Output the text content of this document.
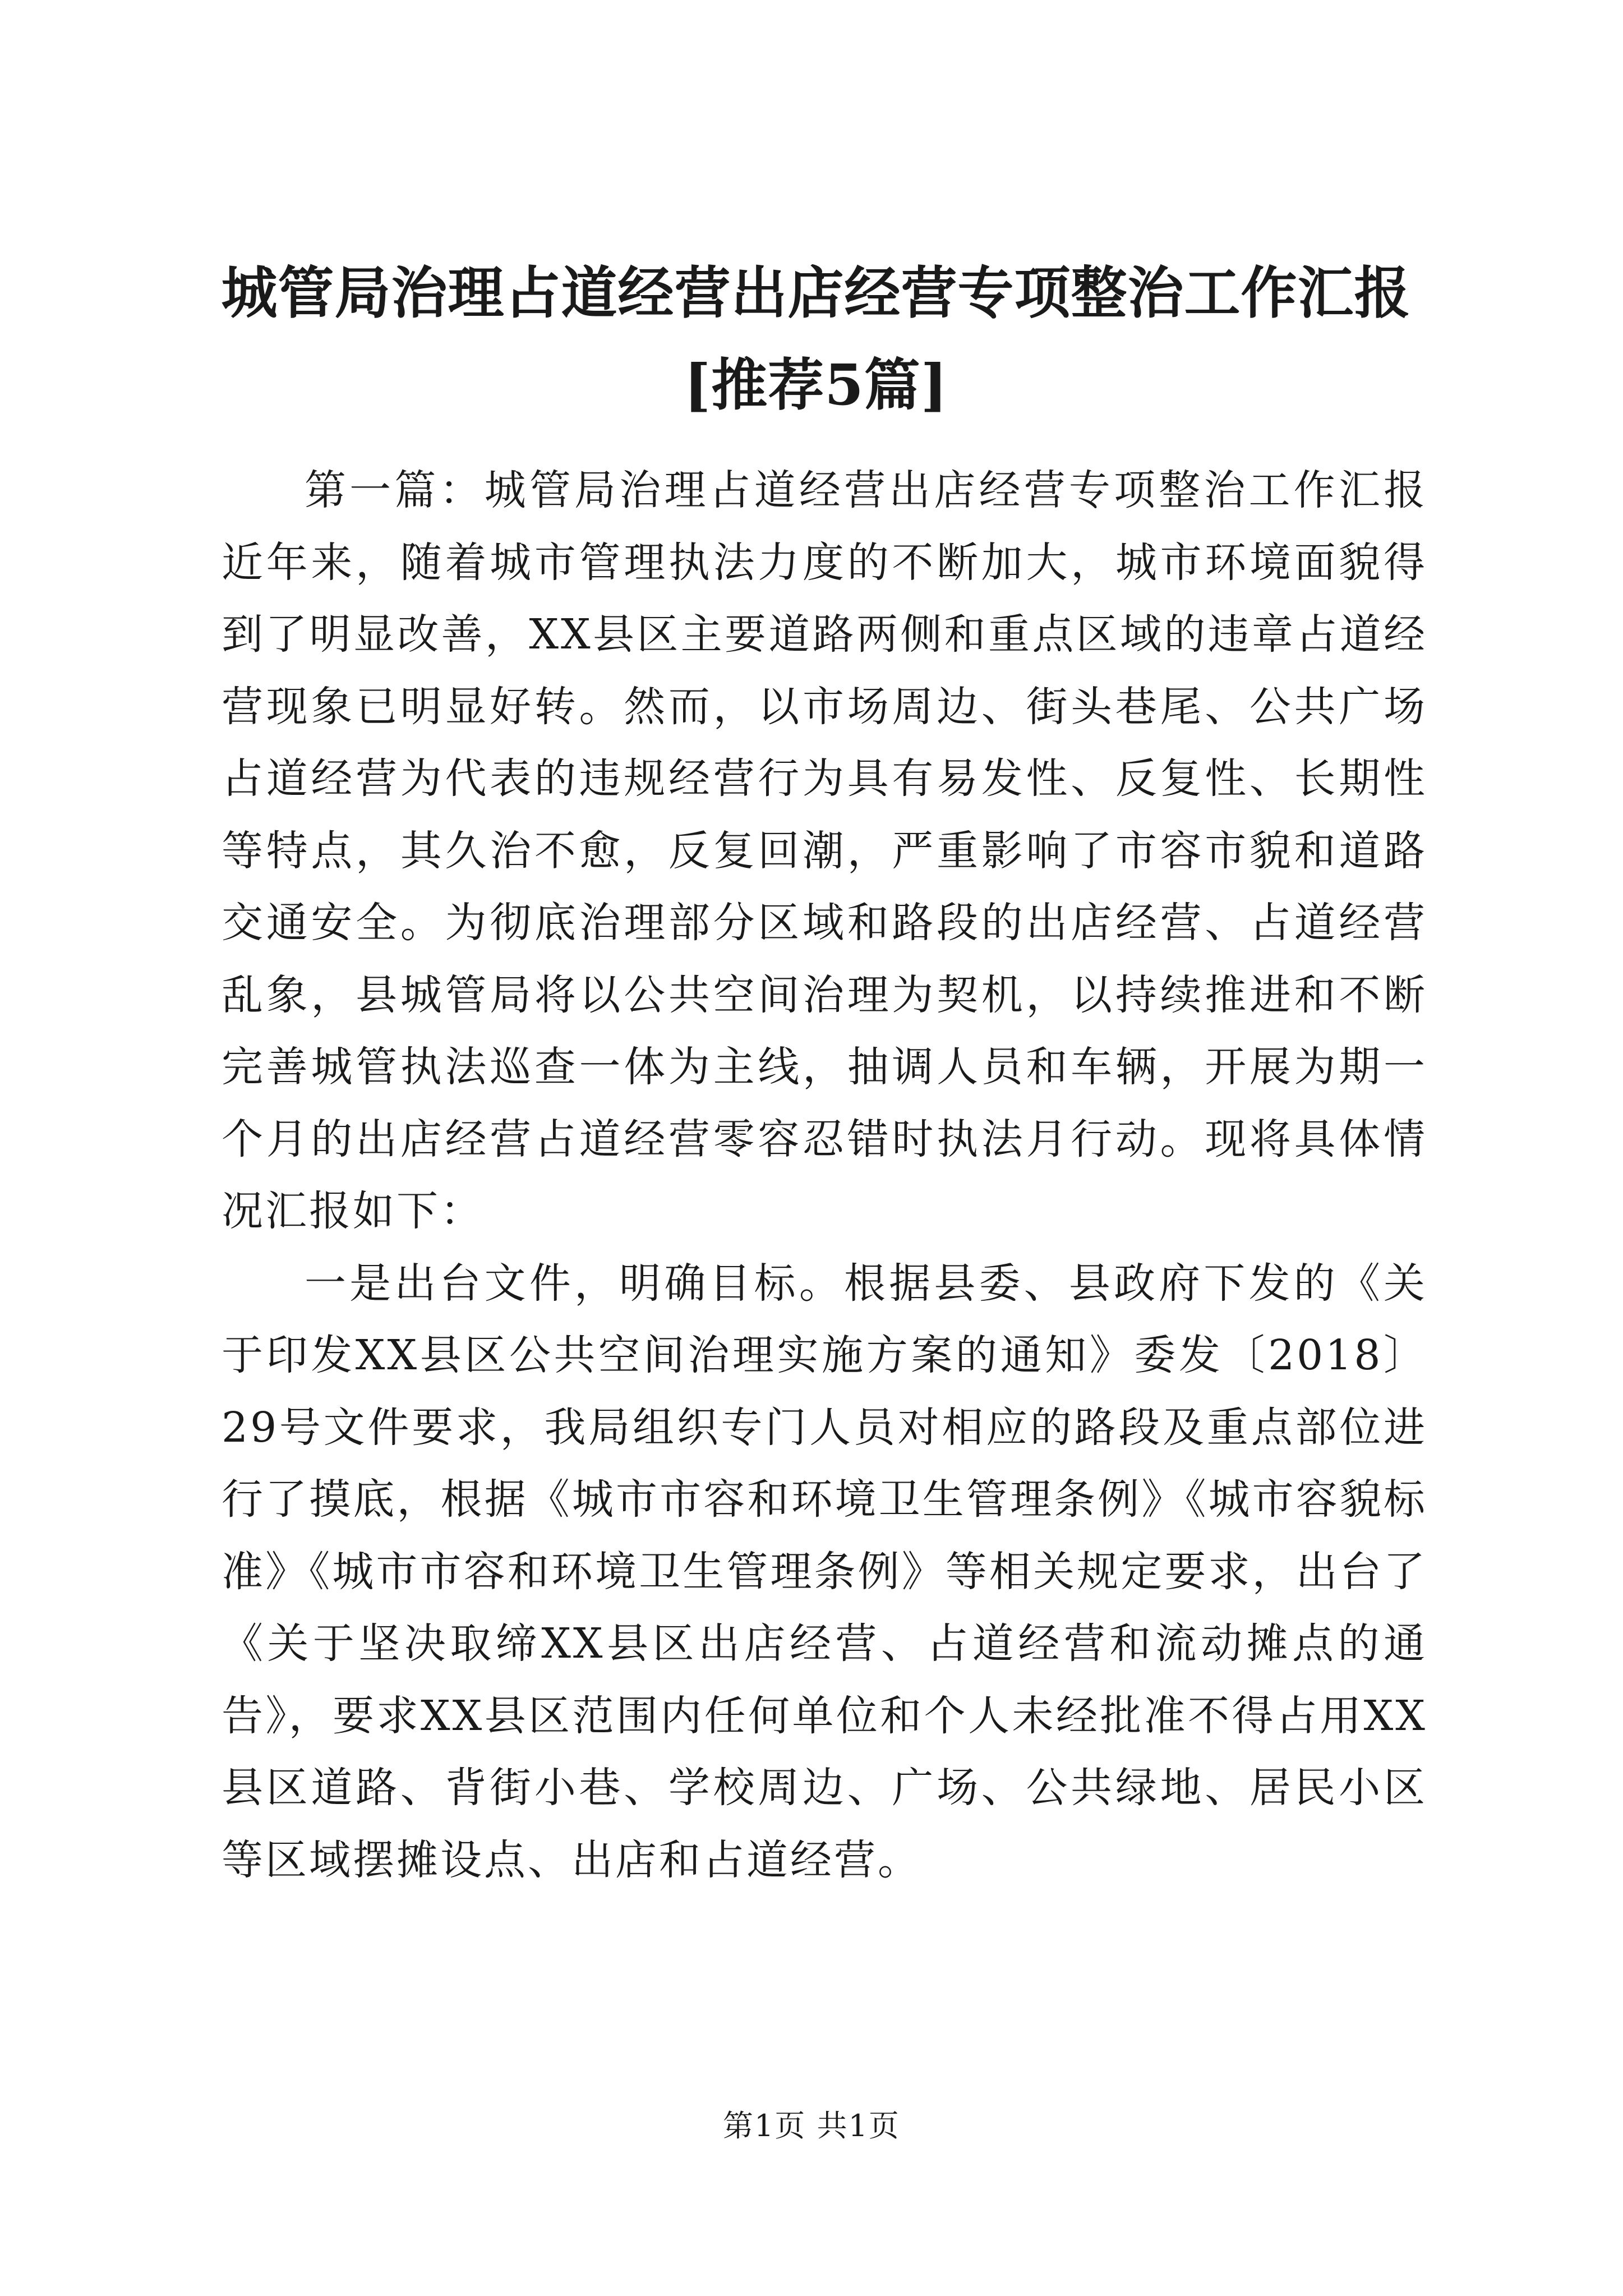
城管局治理占道经营出店经营专项整治工作汇报[推荐5篇]

第一篇：城管局治理占道经营出店经营专项整治工作汇报近年来，随着城市管理执法力度的不断加大，城市环境面貌得到了明显改善，XX县区主要道路两侧和重点区域的违章占道经营现象已明显好转。然而，以市场周边、街头巷尾、公共广场占道经营为代表的违规经营行为具有易发性、反复性、长期性等特点，其久治不愈，反复回潮，严重影响了市容市貌和道路交通安全。为彻底治理部分区域和路段的出店经营、占道经营乱象，县城管局将以公共空间治理为契机，以持续推进和不断完善城管执法巡查一体为主线，抽调人员和车辆，开展为期一个月的出店经营占道经营零容忍错时执法月行动。现将具体情况汇报如下：

一是出台文件，明确目标。根据县委、县政府下发的《关于印发XX县区公共空间治理实施方案的通知》委发〔2018〕29号文件要求，我局组织专门人员对相应的路段及重点部位进行了摸底，根据《城市市容和环境卫生管理条例》《城市容貌标准》《城市市容和环境卫生管理条例》等相关规定要求，出台了《关于坚决取缔XX县区出店经营、占道经营和流动摊点的通告》，要求XX县区范围内任何单位和个人未经批准不得占用XX县区道路、背街小巷、学校周边、广场、公共绿地、居民小区等区域摆摊设点、出店和占道经营。

第1页 共1页
